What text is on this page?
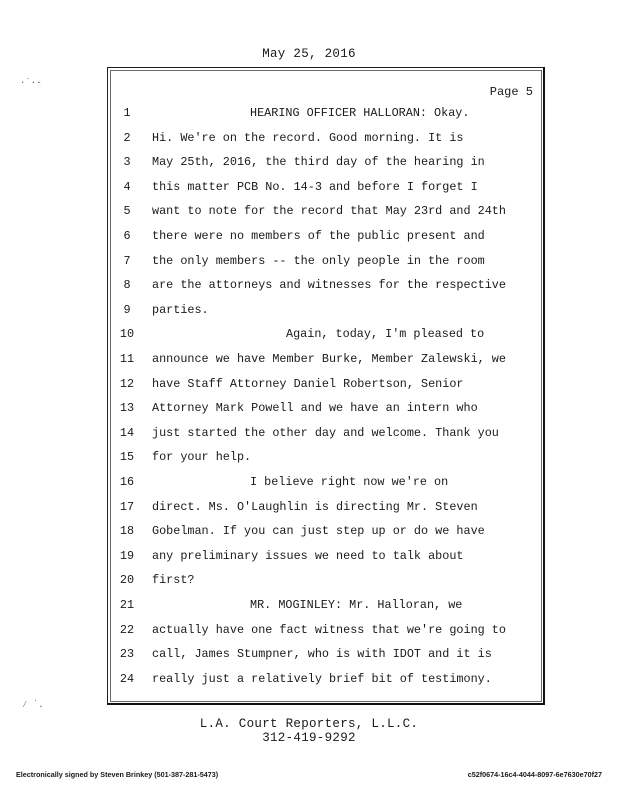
May 25, 2016
·˙·-
⁄ ˙.
Page 5
1	HEARING OFFICER HALLORAN: Okay.
2	Hi. We're on the record. Good morning. It is
3	May 25th, 2016, the third day of the hearing in
4	this matter PCB No. 14-3 and before I forget I
5	want to note for the record that May 23rd and 24th
6	there were no members of the public present and
7	the only members -- the only people in the room
8	are the attorneys and witnesses for the respective
9	parties.
10	Again, today, I'm pleased to
11 announce we have Member Burke, Member Zalewski, we
12 have Staff Attorney Daniel Robertson, Senior
13 Attorney Mark Powell and we have an intern who
14 just started the other day and welcome. Thank you
15 for your help.
16	I believe right now we're on
17 direct. Ms. O'Laughlin is directing Mr. Steven
18 Gobelman. If you can just step up or do we have
19 any preliminary issues we need to talk about
20 first?
21	MR. MOGINLEY: Mr. Halloran, we
22 actually have one fact witness that we're going to
23 call, James Stumpner, who is with IDOT and it is
24 really just a relatively brief bit of testimony.
L.A. Court Reporters, L.L.C.
312-419-9292
Electronically signed by Steven Brinkey (501-387-281-5473)	c52f0674-16c4-4044-8097-6e7630e70f27
